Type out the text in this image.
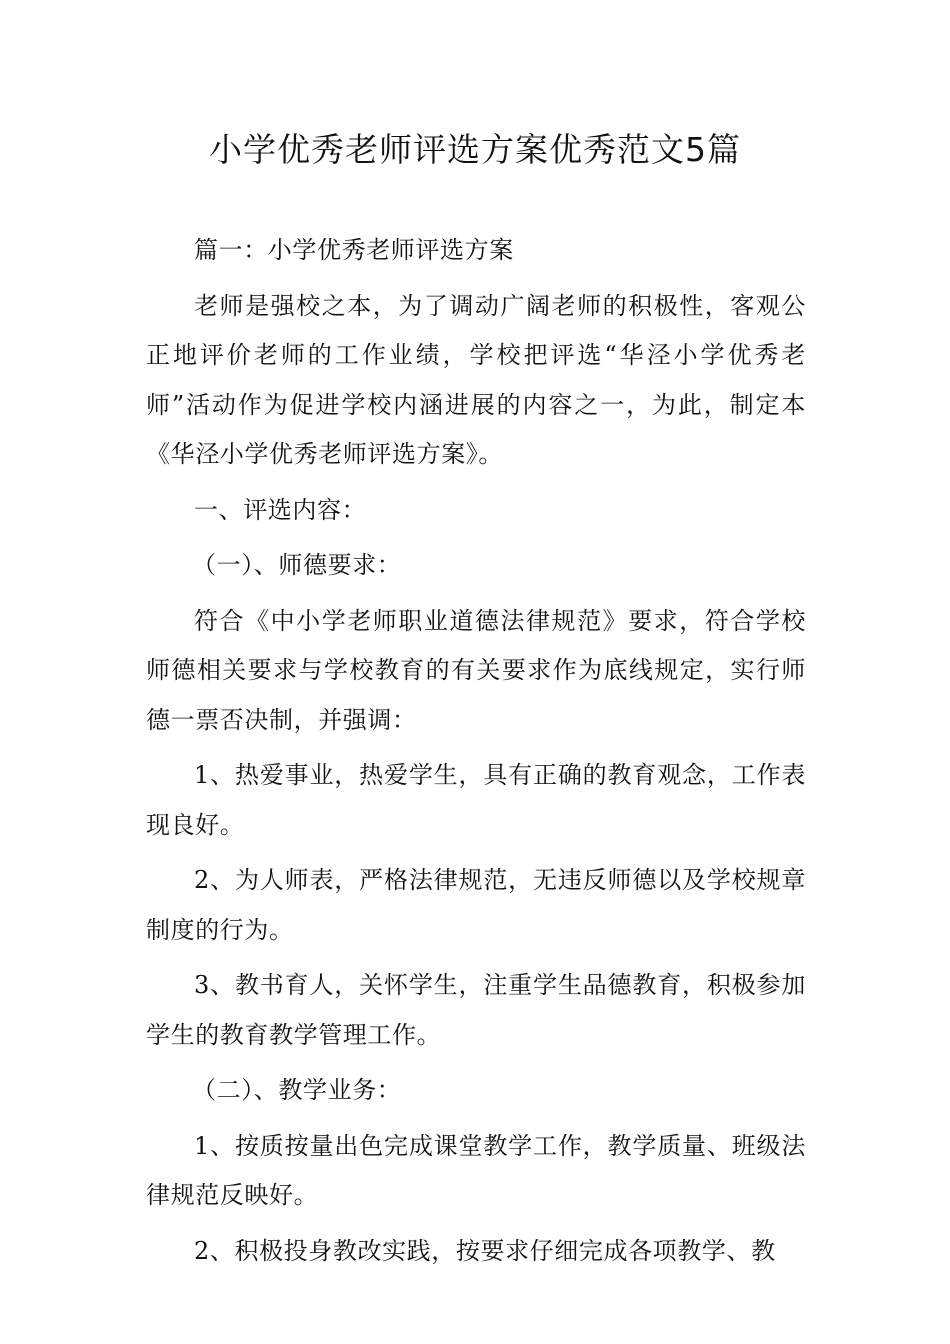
小学优秀老师评选方案优秀范文5篇

篇一：小学优秀老师评选方案

老师是强校之本，为了调动广阔老师的积极性，客观公正地评价老师的工作业绩，学校把评选“华泾小学优秀老师”活动作为促进学校内涵进展的内容之一，为此，制定本《华泾小学优秀老师评选方案》。

一、评选内容：

（一）、师德要求：

符合《中小学老师职业道德法律规范》要求，符合学校师德相关要求与学校教育的有关要求作为底线规定，实行师德一票否决制，并强调：

1、热爱事业，热爱学生，具有正确的教育观念，工作表现良好。

2、为人师表，严格法律规范，无违反师德以及学校规章制度的行为。

3、教书育人，关怀学生，注重学生品德教育，积极参加学生的教育教学管理工作。

（二）、教学业务：

1、按质按量出色完成课堂教学工作，教学质量、班级法律规范反映好。

2、积极投身教改实践，按要求仔细完成各项教学、教
